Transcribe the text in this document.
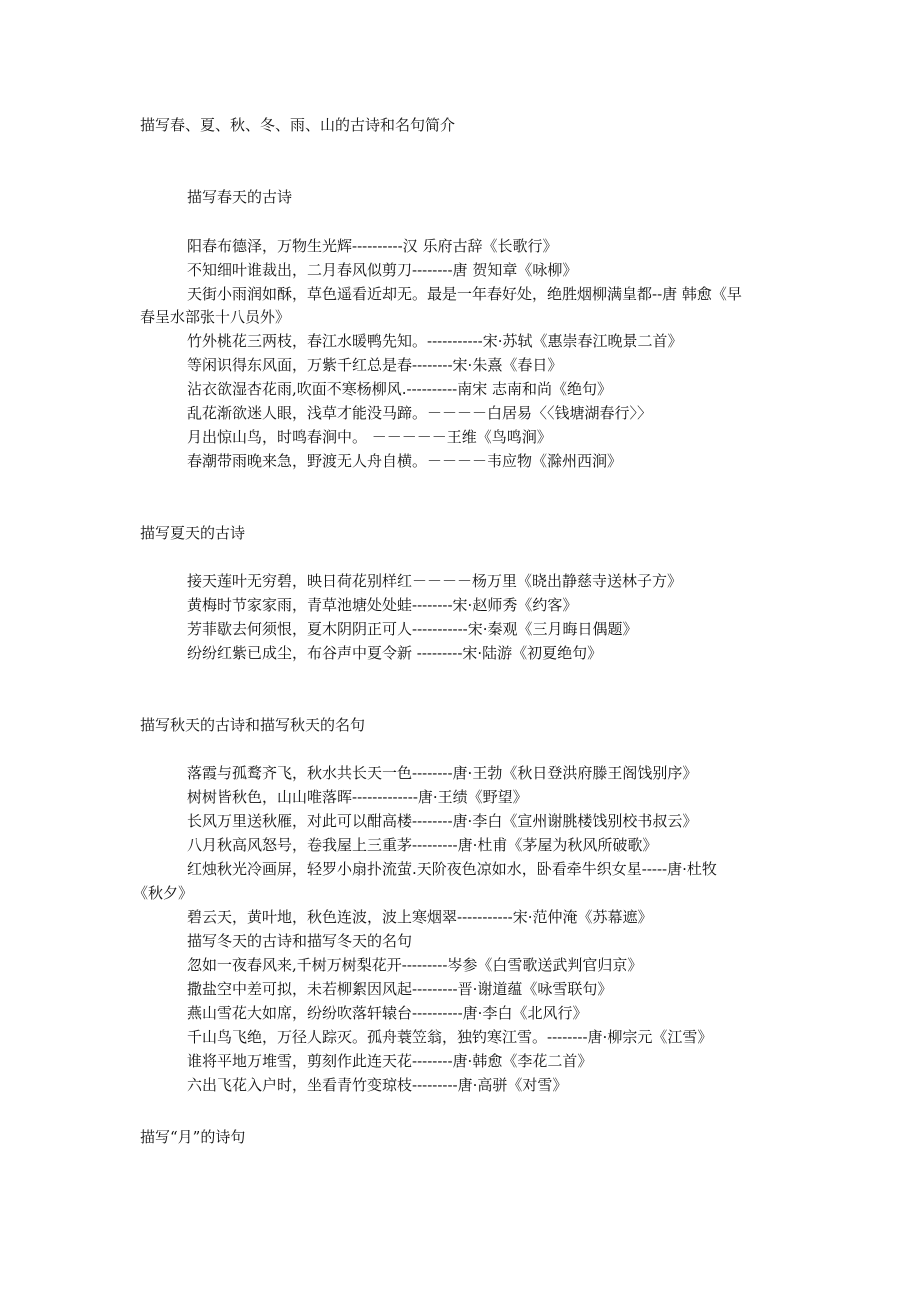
描写春、夏、秋、冬、雨、山的古诗和名句简介

描写春天的古诗

阳春布德泽，万物生光辉----------汉 乐府古辞《长歌行》

不知细叶谁裁出，二月春风似剪刀--------唐 贺知章《咏柳》

天街小雨润如酥，草色遥看近却无。最是一年春好处，绝胜烟柳满皇都--唐 韩愈《早

春呈水部张十八员外》

竹外桃花三两枝，春江水暖鸭先知。-----------宋·苏轼《惠崇春江晚景二首》

等闲识得东风面，万紫千红总是春--------宋·朱熹《春日》

沾衣欲湿杏花雨,吹面不寒杨柳风.----------南宋 志南和尚《绝句》

乱花渐欲迷人眼，浅草才能没马蹄。－－－－白居易〈〈钱塘湖春行〉〉

月出惊山鸟，时鸣春涧中。 －－－－－王维《鸟鸣涧》

春潮带雨晚来急，野渡无人舟自横。－－－－韦应物《滁州西涧》

描写夏天的古诗

接天莲叶无穷碧，映日荷花别样红－－－－杨万里《晓出静慈寺送林子方》

黄梅时节家家雨，青草池塘处处蛙--------宋·赵师秀《约客》

芳菲歇去何须恨，夏木阴阴正可人-----------宋·秦观《三月晦日偶题》

纷纷红紫已成尘，布谷声中夏令新 ---------宋·陆游《初夏绝句》

描写秋天的古诗和描写秋天的名句

落霞与孤鹜齐飞，秋水共长天一色--------唐·王勃《秋日登洪府滕王阁饯别序》

树树皆秋色，山山唯落晖-------------唐·王绩《野望》

长风万里送秋雁，对此可以酣高楼--------唐·李白《宣州谢朓楼饯别校书叔云》

八月秋高风怒号，卷我屋上三重茅---------唐·杜甫《茅屋为秋风所破歌》

红烛秋光冷画屏，轻罗小扇扑流萤.天阶夜色凉如水，卧看牵牛织女星-----唐·杜牧

《秋夕》

碧云天，黄叶地，秋色连波，波上寒烟翠-----------宋·范仲淹《苏幕遮》

描写冬天的古诗和描写冬天的名句

忽如一夜春风来,千树万树梨花开---------岑参《白雪歌送武判官归京》

撒盐空中差可拟，未若柳絮因风起---------晋·谢道蕴《咏雪联句》

燕山雪花大如席，纷纷吹落轩辕台----------唐·李白《北风行》

千山鸟飞绝，万径人踪灭。孤舟蓑笠翁，独钓寒江雪。--------唐·柳宗元《江雪》

谁将平地万堆雪，剪刻作此连天花--------唐·韩愈《李花二首》

六出飞花入户时，坐看青竹变琼枝---------唐·高骈《对雪》

描写“月”的诗句
